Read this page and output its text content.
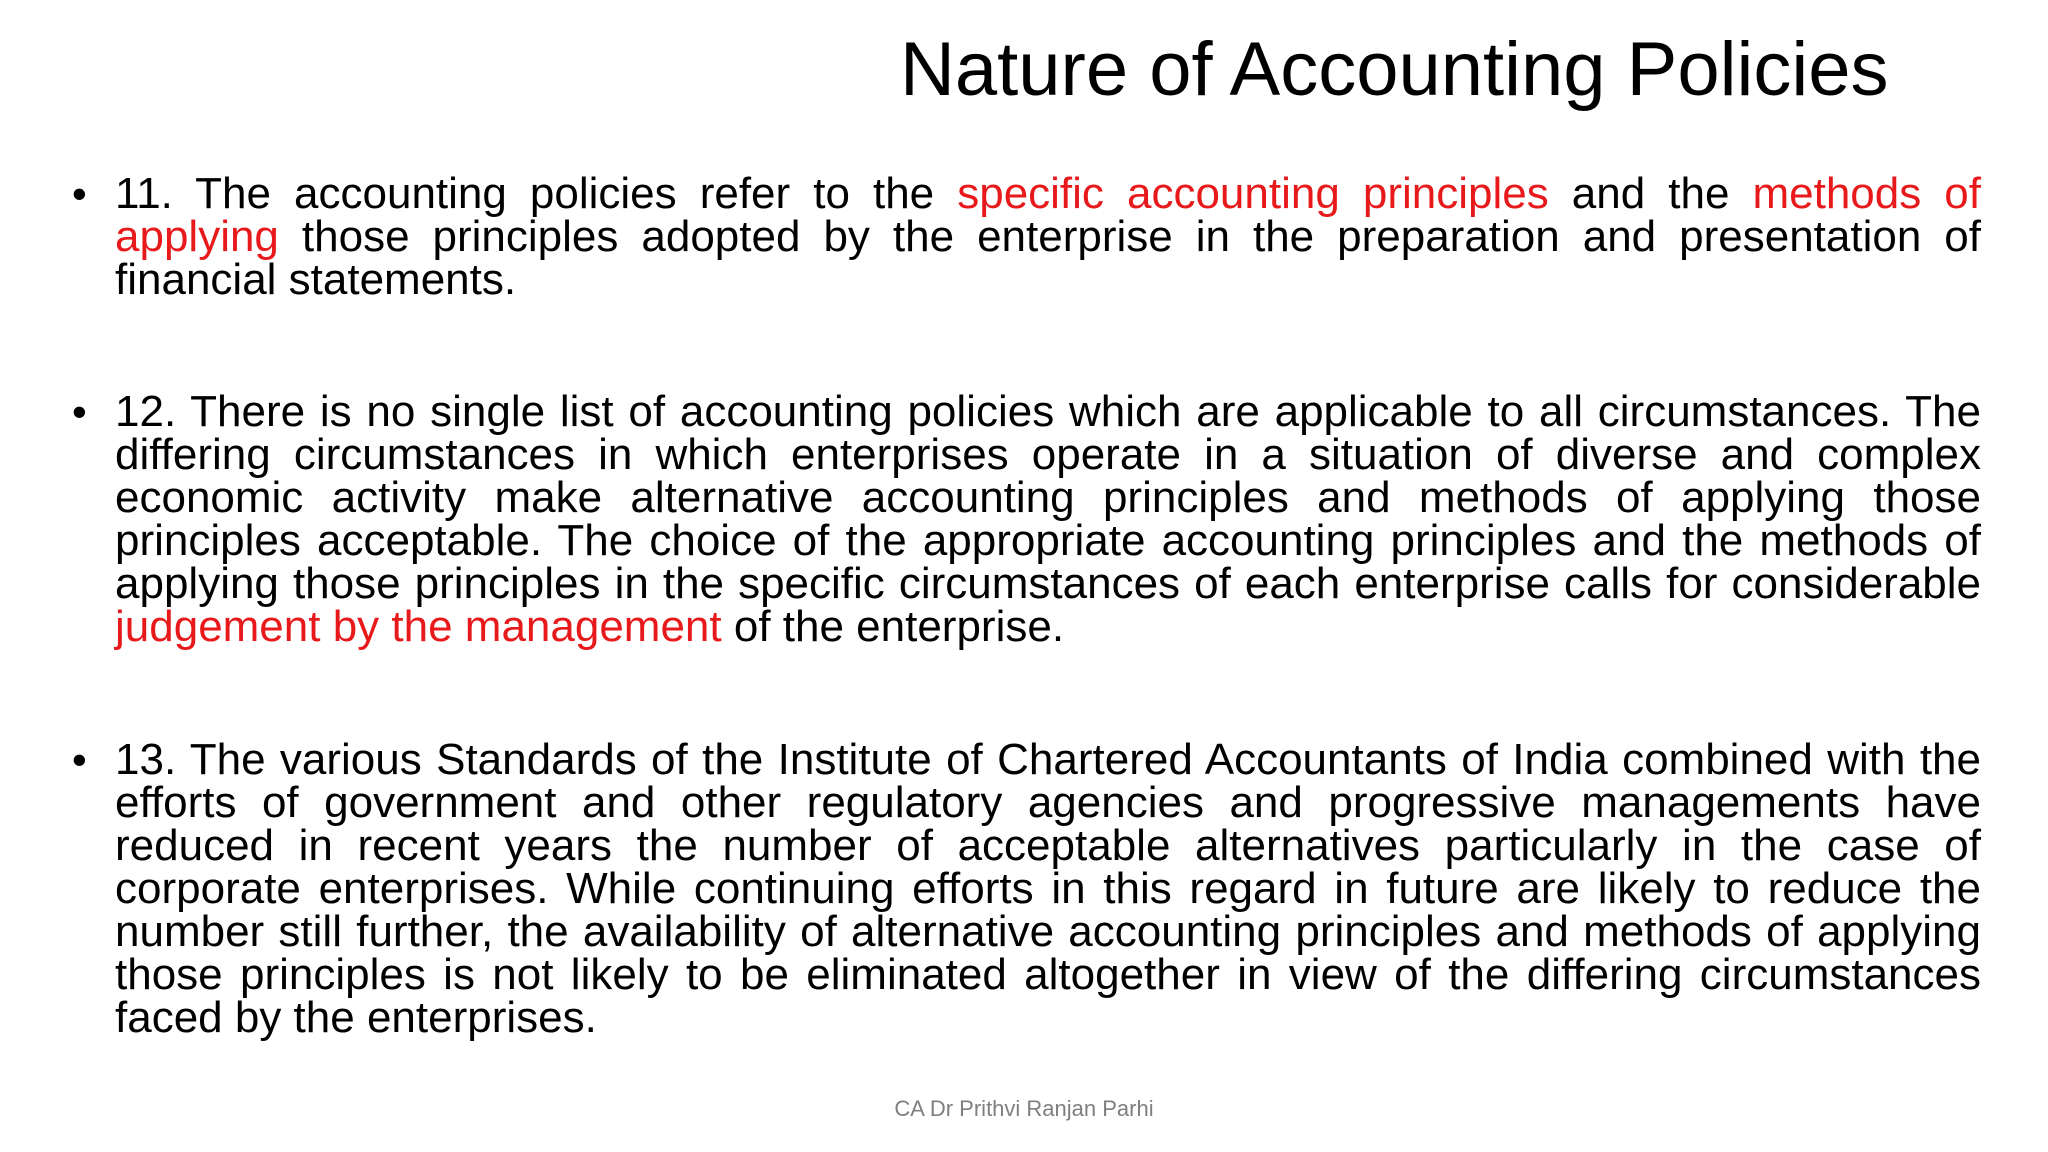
Nature of Accounting Policies
• 11. The accounting policies refer to the specific accounting principles and the methods of applying those principles adopted by the enterprise in the preparation and presentation of financial statements.
• 12. There is no single list of accounting policies which are applicable to all circumstances. The differing circumstances in which enterprises operate in a situation of diverse and complex economic activity make alternative accounting principles and methods of applying those principles acceptable. The choice of the appropriate accounting principles and the methods of applying those principles in the specific circumstances of each enterprise calls for considerable judgement by the management of the enterprise.
• 13. The various Standards of the Institute of Chartered Accountants of India combined with the efforts of government and other regulatory agencies and progressive managements have reduced in recent years the number of acceptable alternatives particularly in the case of corporate enterprises. While continuing efforts in this regard in future are likely to reduce the number still further, the availability of alternative accounting principles and methods of applying those principles is not likely to be eliminated altogether in view of the differing circumstances faced by the enterprises.
CA Dr Prithvi Ranjan Parhi
